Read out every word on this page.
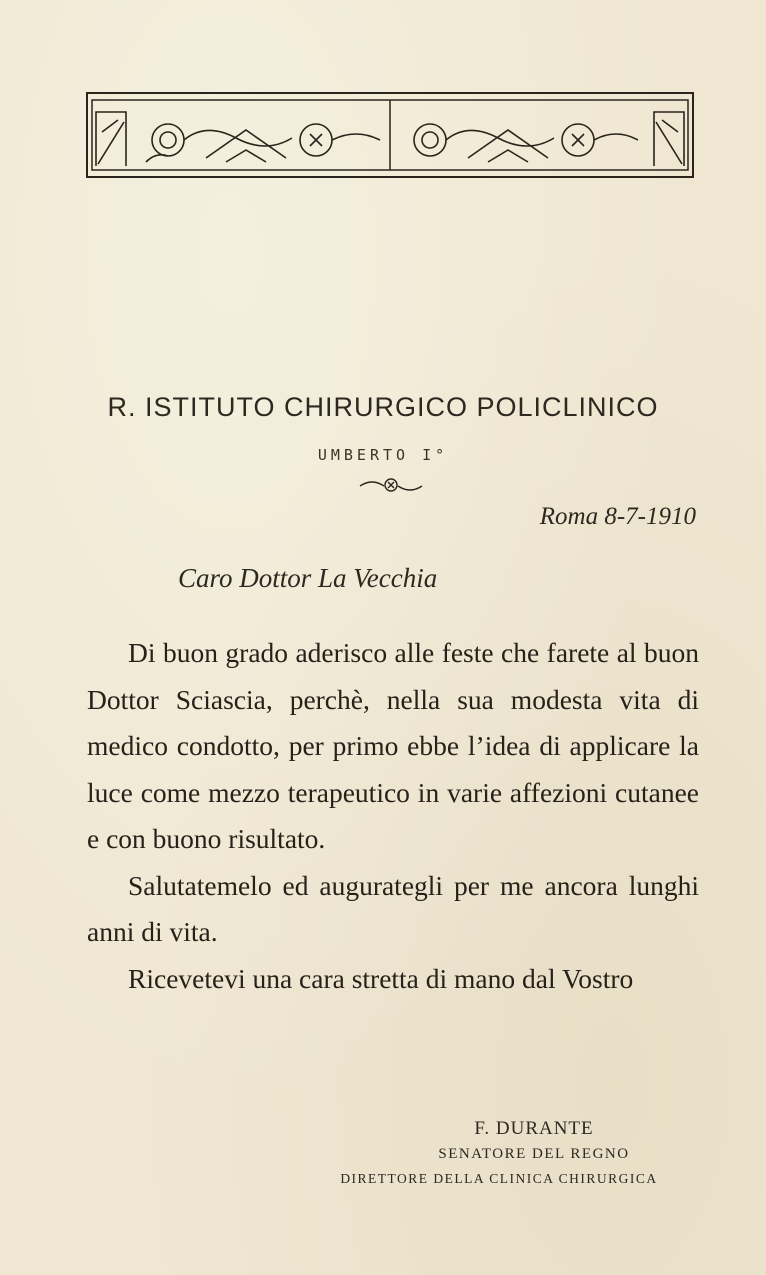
R. ISTITUTO CHIRURGICO POLICLINICO
UMBERTO I°
Roma 8-7-1910
Caro Dottor La Vecchia

Di buon grado aderisco alle feste che farete al buon Dottor Sciascia, perchè, nella sua modesta vita di medico condotto, per primo ebbe l’idea di applicare la luce come mezzo terapeutico in varie affezioni cutanee e con buono risultato.

Salutatemelo ed augurategli per me ancora lunghi anni di vita.

Ricevetevi una cara stretta di mano dal Vostro

F. DURANTE
SENATORE DEL REGNO
DIRETTORE DELLA CLINICA CHIRURGICA
